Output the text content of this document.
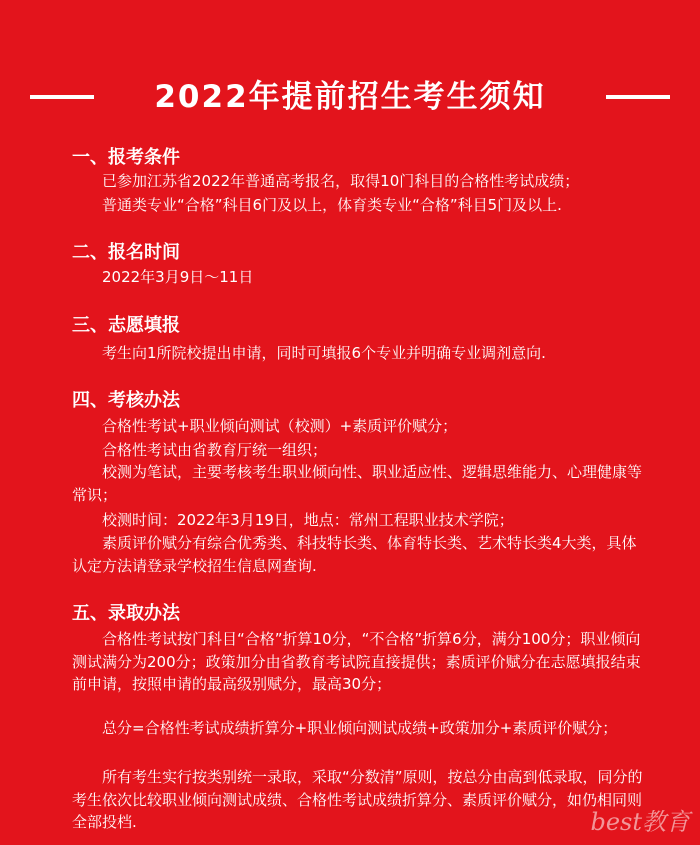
2022年提前招生考生须知
一、报考条件

已参加江苏省2022年普通高考报名，取得10门科目的合格性考试成绩；

普通类专业“合格”科目6门及以上，体育类专业“合格”科目5门及以上.

二、报名时间

2022年3月9日～11日

三、志愿填报

考生向1所院校提出申请，同时可填报6个专业并明确专业调剂意向.

四、考核办法

合格性考试+职业倾向测试（校测）+素质评价赋分；

合格性考试由省教育厅统一组织；

校测为笔试，主要考核考生职业倾向性、职业适应性、逻辑思维能力、心理健康等常识；

校测时间：2022年3月19日，地点：常州工程职业技术学院；

素质评价赋分有综合优秀类、科技特长类、体育特长类、艺术特长类4大类，具体认定方法请登录学校招生信息网查询.

五、录取办法

合格性考试按门科目“合格”折算10分，“不合格”折算6分，满分100分；职业倾向测试满分为200分；政策加分由省教育考试院直接提供；素质评价赋分在志愿填报结束前申请，按照申请的最高级别赋分，最高30分；

总分=合格性考试成绩折算分+职业倾向测试成绩+政策加分+素质评价赋分；

所有考生实行按类别统一录取，采取“分数清”原则，按总分由高到低录取，同分的考生依次比较职业倾向测试成绩、合格性考试成绩折算分、素质评价赋分，如仍相同则全部投档.	best教育
